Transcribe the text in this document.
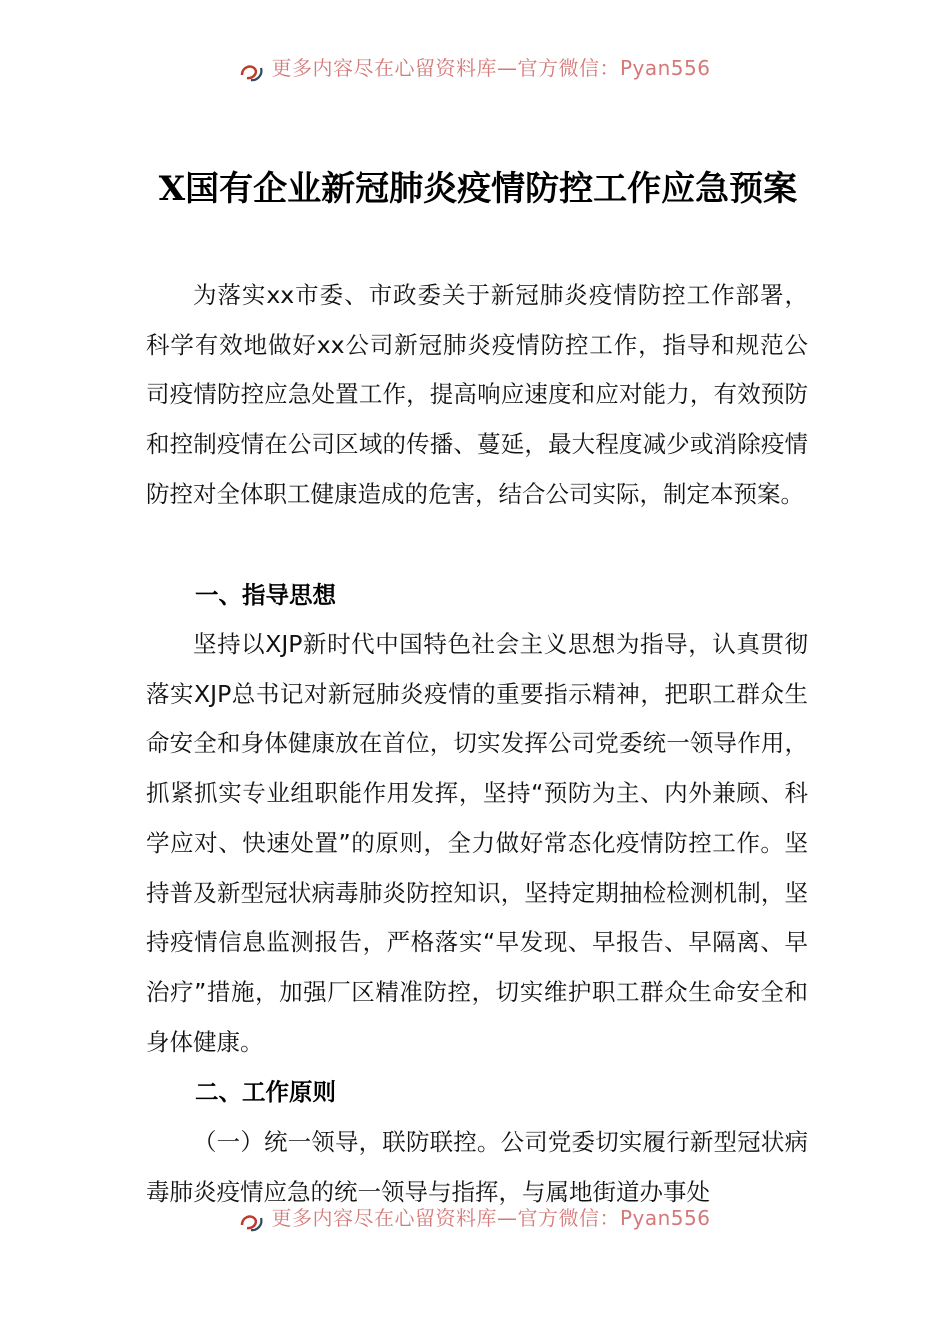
更多内容尽在心留资料库—官方微信：Pyan556
X国有企业新冠肺炎疫情防控工作应急预案

为落实xx市委、市政委关于新冠肺炎疫情防控工作部署，科学有效地做好xx公司新冠肺炎疫情防控工作，指导和规范公司疫情防控应急处置工作，提高响应速度和应对能力，有效预防和控制疫情在公司区域的传播、蔓延，最大程度减少或消除疫情防控对全体职工健康造成的危害，结合公司实际，制定本预案。

一、指导思想

坚持以XJP新时代中国特色社会主义思想为指导，认真贯彻落实XJP总书记对新冠肺炎疫情的重要指示精神，把职工群众生命安全和身体健康放在首位，切实发挥公司党委统一领导作用，抓紧抓实专业组职能作用发挥，坚持“预防为主、内外兼顾、科学应对、快速处置”的原则，全力做好常态化疫情防控工作。坚持普及新型冠状病毒肺炎防控知识，坚持定期抽检检测机制，坚持疫情信息监测报告，严格落实“早发现、早报告、早隔离、早治疗”措施，加强厂区精准防控，切实维护职工群众生命安全和身体健康。

二、工作原则

（一）统一领导，联防联控。公司党委切实履行新型冠状病毒肺炎疫情应急的统一领导与指挥，与属地街道办事处

更多内容尽在心留资料库—官方微信：Pyan556
